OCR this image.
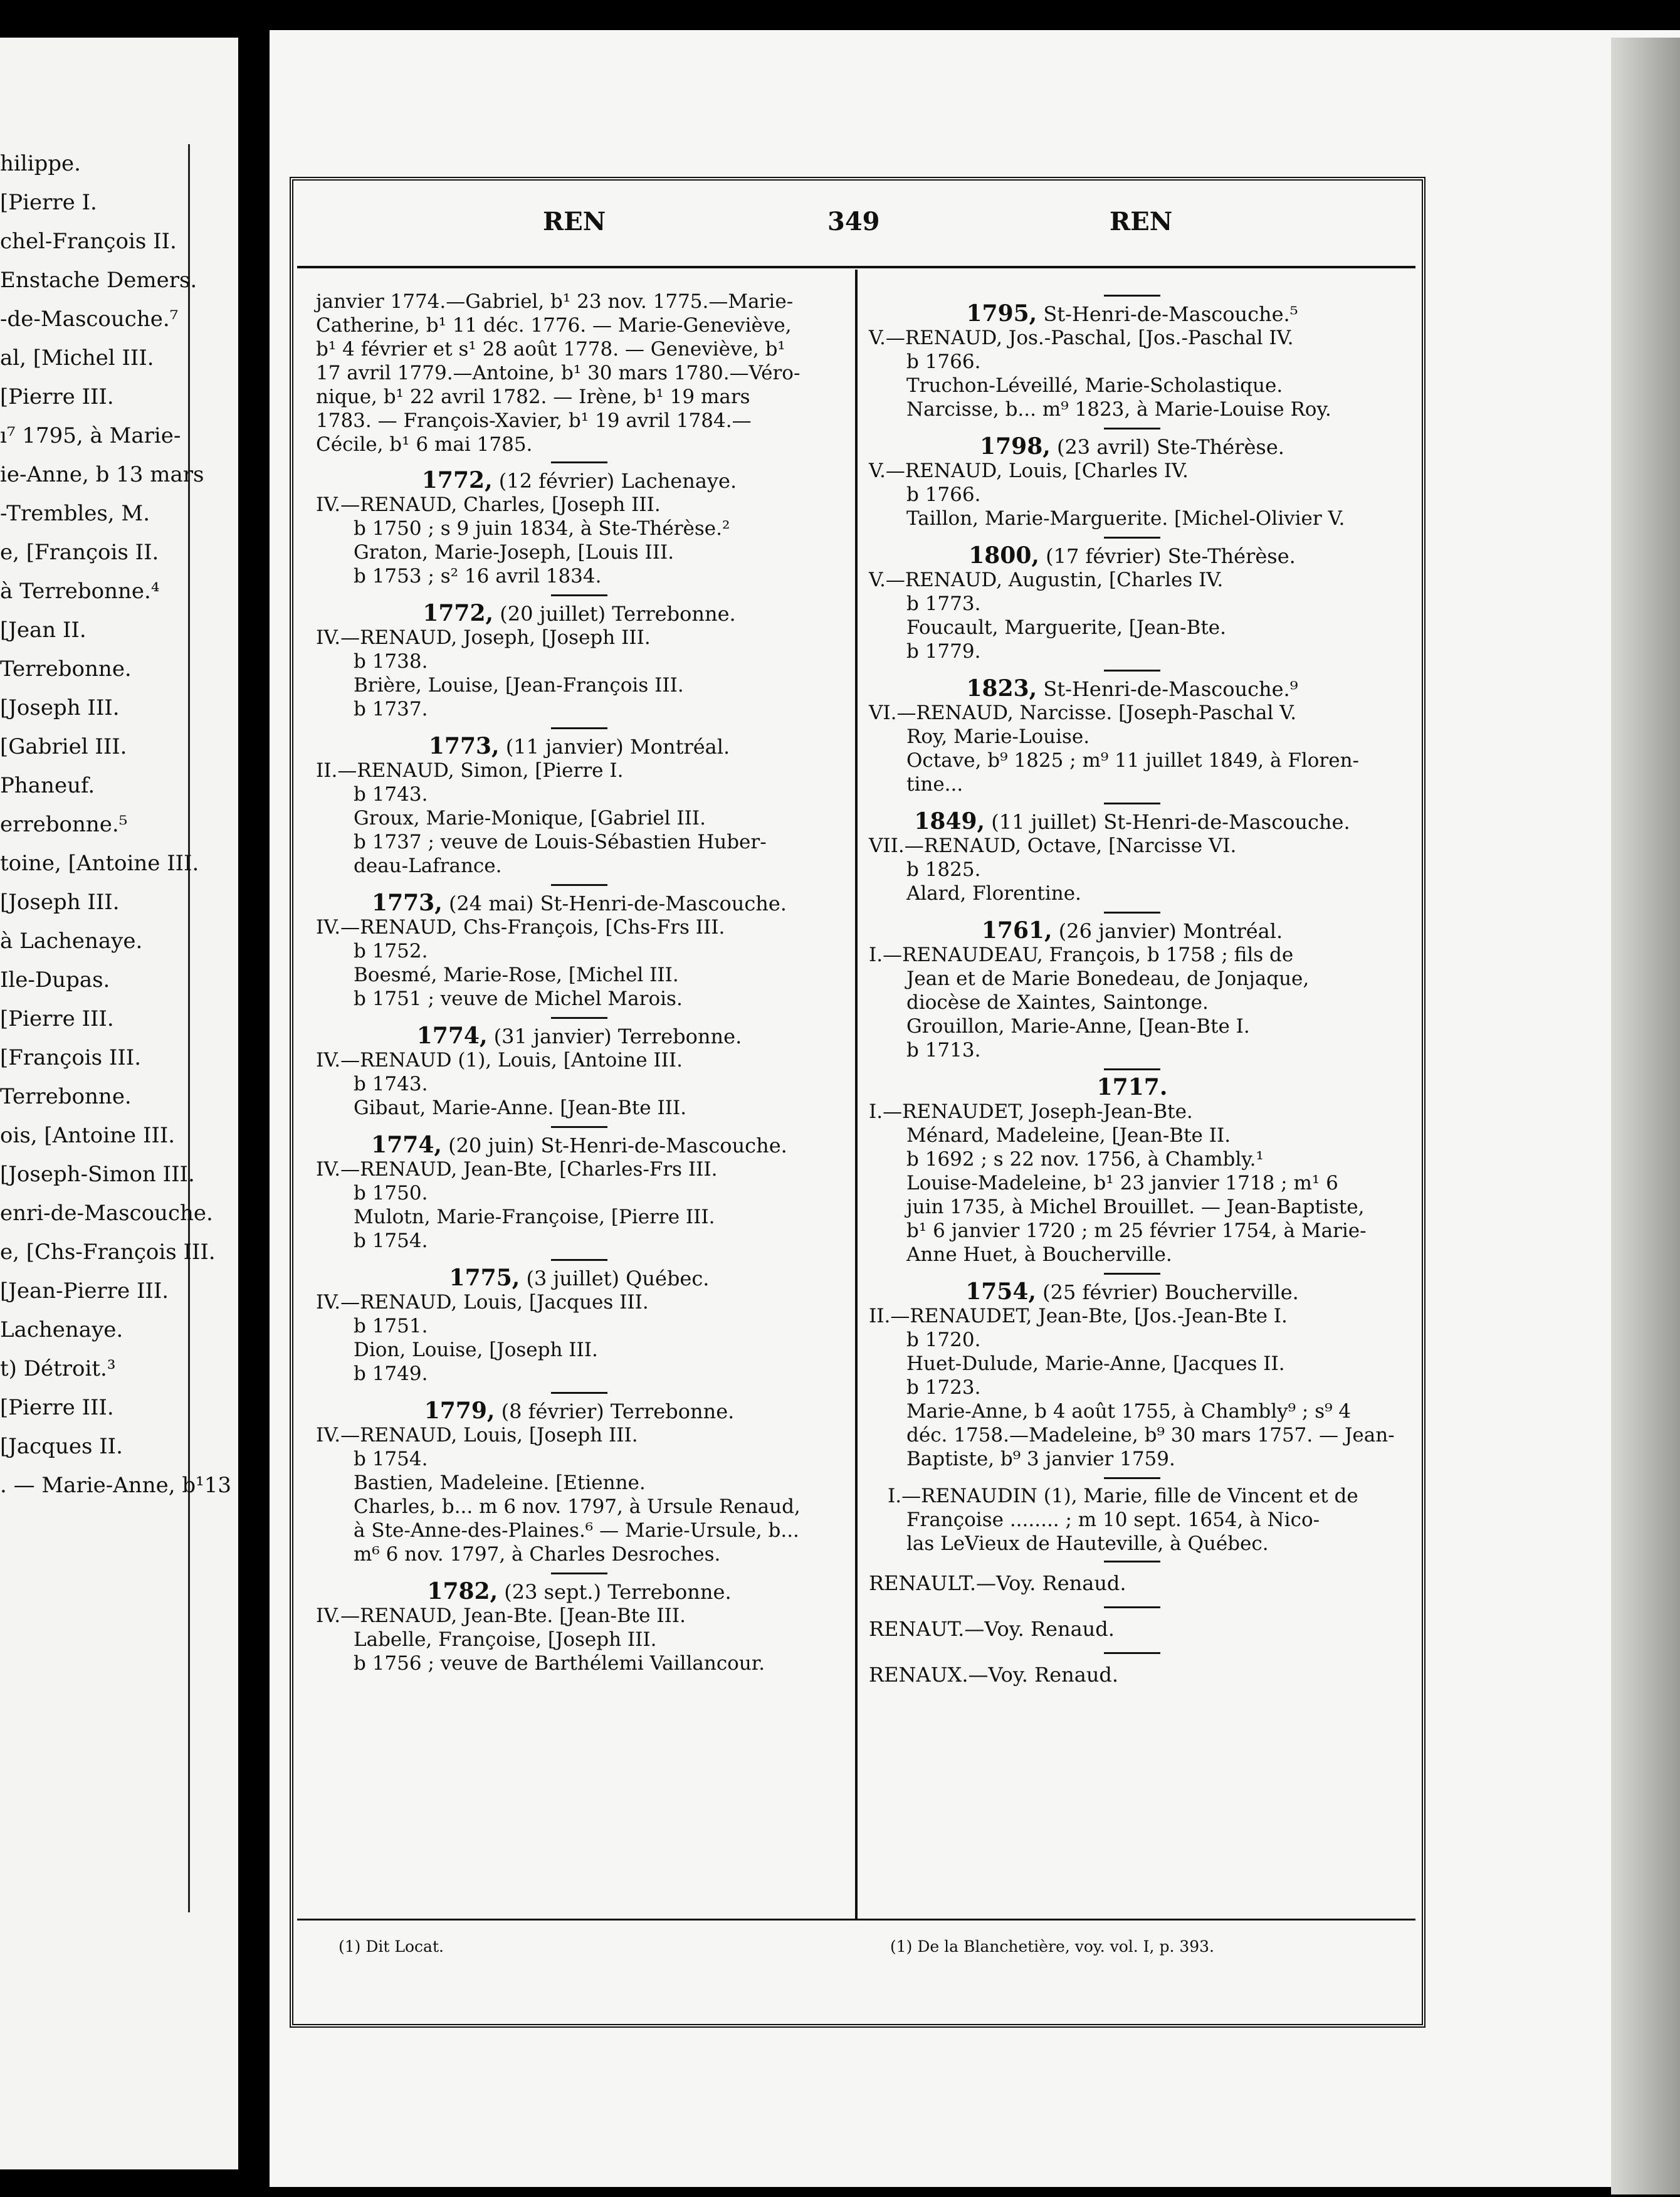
hilippe.
[Pierre I.
chel-François II.
Enstache Demers.
-de-Mascouche.⁷
al, [Michel III.
[Pierre III.
ı⁷ 1795, à Marie-
ie-Anne, b 13 mars
-Trembles, M.
e, [François II.
à Terrebonne.⁴
[Jean II.
Terrebonne.
[Joseph III.
[Gabriel III.
Phaneuf.
errebonne.⁵
toine, [Antoine III.
[Joseph III.
à Lachenaye.
Ile-Dupas.
[Pierre III.
[François III.
Terrebonne.
ois, [Antoine III.
[Joseph-Simon III.
enri-de-Mascouche.
e, [Chs-François III.
[Jean-Pierre III.
Lachenaye.
t) Détroit.³
[Pierre III.
[Jacques II.
. — Marie-Anne, b¹13
REN	349	REN
janvier 1774.—Gabriel, b¹ 23 nov. 1775.—Marie-
Catherine, b¹ 11 déc. 1776. — Marie-Geneviève,
b¹ 4 février et s¹ 28 août 1778. — Geneviève, b¹
17 avril 1779.—Antoine, b¹ 30 mars 1780.—Véro-
nique, b¹ 22 avril 1782. — Irène, b¹ 19 mars
1783. — François-Xavier, b¹ 19 avril 1784.—
Cécile, b¹ 6 mai 1785.
1772, (12 février) Lachenaye.
IV.—RENAUD, Charles, [Joseph III.
b 1750 ; s 9 juin 1834, à Ste-Thérèse.²
Graton, Marie-Joseph, [Louis III.
b 1753 ; s² 16 avril 1834.
1772, (20 juillet) Terrebonne.
IV.—RENAUD, Joseph, [Joseph III.
b 1738.
Brière, Louise, [Jean-François III.
b 1737.
1773, (11 janvier) Montréal.
II.—RENAUD, Simon, [Pierre I.
b 1743.
Groux, Marie-Monique, [Gabriel III.
b 1737 ; veuve de Louis-Sébastien Huber-
deau-Lafrance.
1773, (24 mai) St-Henri-de-Mascouche.
IV.—RENAUD, Chs-François, [Chs-Frs III.
b 1752.
Boesmé, Marie-Rose, [Michel III.
b 1751 ; veuve de Michel Marois.
1774, (31 janvier) Terrebonne.
IV.—RENAUD (1), Louis, [Antoine III.
b 1743.
Gibaut, Marie-Anne. [Jean-Bte III.
1774, (20 juin) St-Henri-de-Mascouche.
IV.—RENAUD, Jean-Bte, [Charles-Frs III.
b 1750.
Mulotn, Marie-Françoise, [Pierre III.
b 1754.
1775, (3 juillet) Québec.
IV.—RENAUD, Louis, [Jacques III.
b 1751.
Dion, Louise, [Joseph III.
b 1749.
1779, (8 février) Terrebonne.
IV.—RENAUD, Louis, [Joseph III.
b 1754.
Bastien, Madeleine. [Etienne.
Charles, b... m 6 nov. 1797, à Ursule Renaud,
à Ste-Anne-des-Plaines.⁶ — Marie-Ursule, b...
m⁶ 6 nov. 1797, à Charles Desroches.
1782, (23 sept.) Terrebonne.
IV.—RENAUD, Jean-Bte. [Jean-Bte III.
Labelle, Françoise, [Joseph III.
b 1756 ; veuve de Barthélemi Vaillancour.
1795, St-Henri-de-Mascouche.⁵
V.—RENAUD, Jos.-Paschal, [Jos.-Paschal IV.
b 1766.
Truchon-Léveillé, Marie-Scholastique.
Narcisse, b... m⁹ 1823, à Marie-Louise Roy.
1798, (23 avril) Ste-Thérèse.
V.—RENAUD, Louis, [Charles IV.
b 1766.
Taillon, Marie-Marguerite. [Michel-Olivier V.
1800, (17 février) Ste-Thérèse.
V.—RENAUD, Augustin, [Charles IV.
b 1773.
Foucault, Marguerite, [Jean-Bte.
b 1779.
1823, St-Henri-de-Mascouche.⁹
VI.—RENAUD, Narcisse. [Joseph-Paschal V.
Roy, Marie-Louise.
Octave, b⁹ 1825 ; m⁹ 11 juillet 1849, à Floren-
tine...
1849, (11 juillet) St-Henri-de-Mascouche.
VII.—RENAUD, Octave, [Narcisse VI.
b 1825.
Alard, Florentine.
1761, (26 janvier) Montréal.
I.—RENAUDEAU, François, b 1758 ; fils de
Jean et de Marie Bonedeau, de Jonjaque,
diocèse de Xaintes, Saintonge.
Grouillon, Marie-Anne, [Jean-Bte I.
b 1713.
1717.
I.—RENAUDET, Joseph-Jean-Bte.
Ménard, Madeleine, [Jean-Bte II.
b 1692 ; s 22 nov. 1756, à Chambly.¹
Louise-Madeleine, b¹ 23 janvier 1718 ; m¹ 6
juin 1735, à Michel Brouillet. — Jean-Baptiste,
b¹ 6 janvier 1720 ; m 25 février 1754, à Marie-
Anne Huet, à Boucherville.
1754, (25 février) Boucherville.
II.—RENAUDET, Jean-Bte, [Jos.-Jean-Bte I.
b 1720.
Huet-Dulude, Marie-Anne, [Jacques II.
b 1723.
Marie-Anne, b 4 août 1755, à Chambly⁹ ; s⁹ 4
déc. 1758.—Madeleine, b⁹ 30 mars 1757. — Jean-
Baptiste, b⁹ 3 janvier 1759.
I.—RENAUDIN (1), Marie, fille de Vincent et de
Françoise ........ ; m 10 sept. 1654, à Nico-
las LeVieux de Hauteville, à Québec.
RENAULT.—Voy. Renaud.
RENAUT.—Voy. Renaud.
RENAUX.—Voy. Renaud.
(1) Dit Locat.	(1) De la Blanchetière, voy. vol. I, p. 393.
